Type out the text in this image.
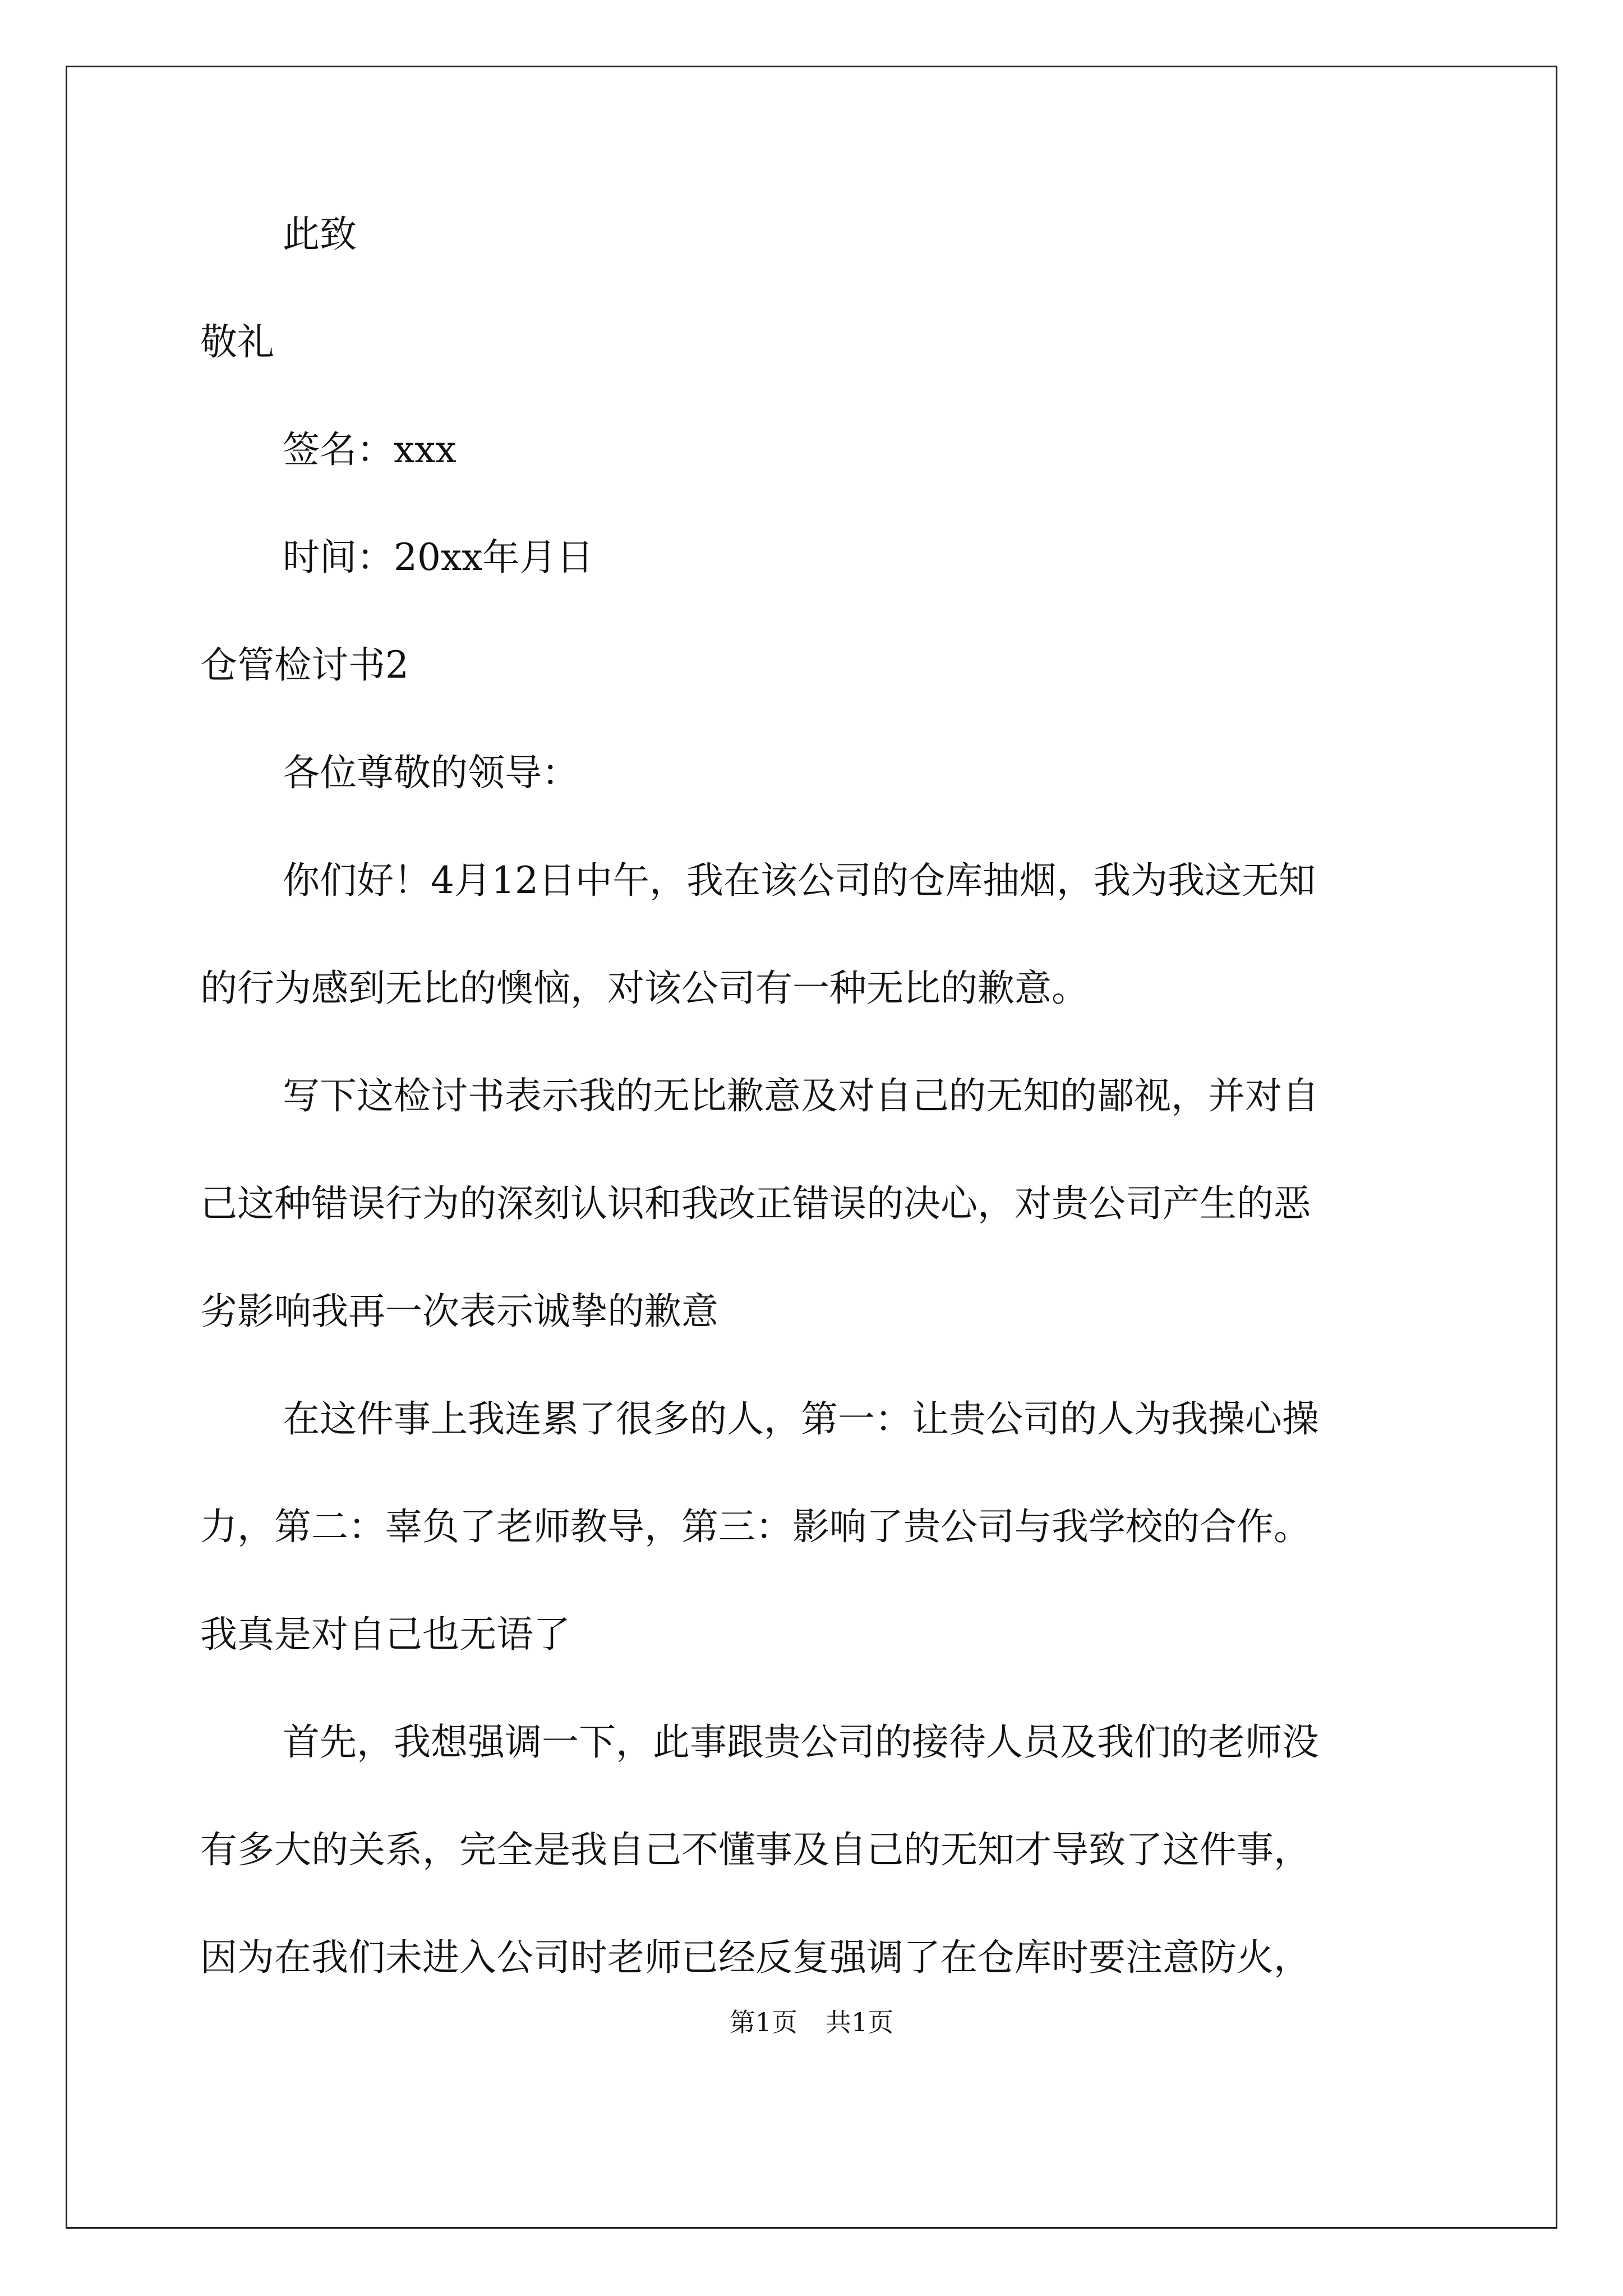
此致

敬礼

签名：xxx

时间：20xx年月日

仓管检讨书2

各位尊敬的领导：

你们好！4月12日中午，我在该公司的仓库抽烟，我为我这无知

的行为感到无比的懊恼，对该公司有一种无比的歉意。

写下这检讨书表示我的无比歉意及对自己的无知的鄙视，并对自

己这种错误行为的深刻认识和我改正错误的决心，对贵公司产生的恶

劣影响我再一次表示诚挚的歉意

在这件事上我连累了很多的人，第一：让贵公司的人为我操心操

力，第二：辜负了老师教导，第三：影响了贵公司与我学校的合作。

我真是对自己也无语了

首先，我想强调一下，此事跟贵公司的接待人员及我们的老师没

有多大的关系，完全是我自己不懂事及自己的无知才导致了这件事，

因为在我们未进入公司时老师已经反复强调了在仓库时要注意防火，

第1页 共1页
